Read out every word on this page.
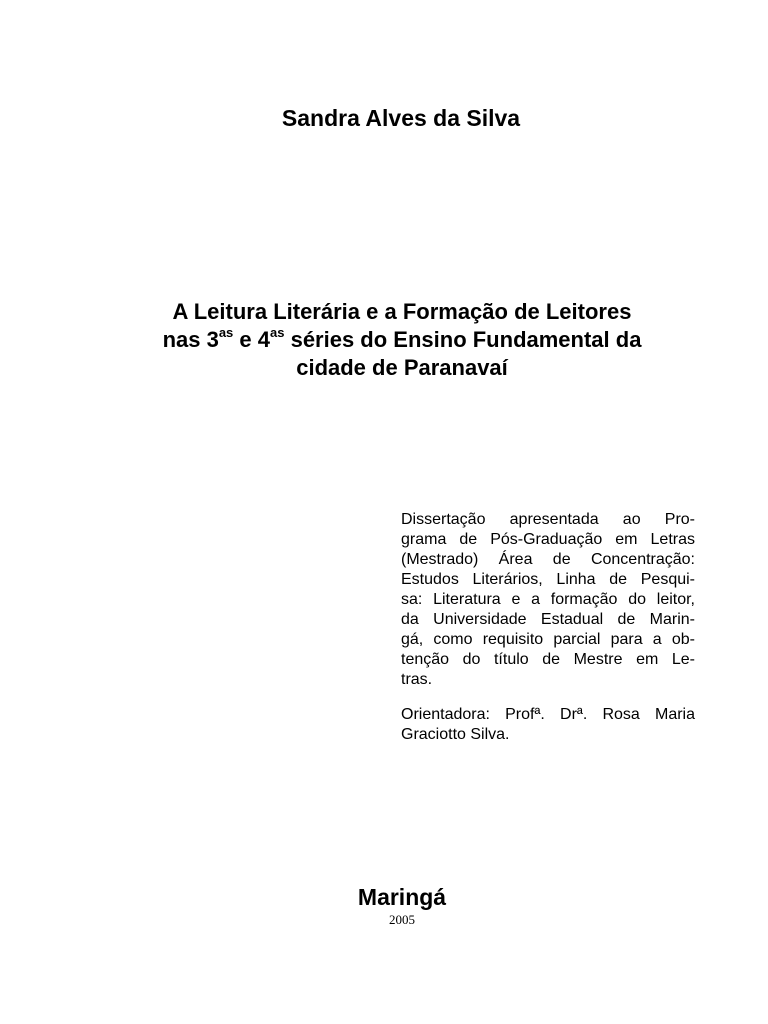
Sandra Alves da Silva
A Leitura Literária e a Formação de Leitores
nas $3^{as}$ e $4^{as}$ séries do Ensino Fundamental da
cidade de Paranavaí
Dissertação apresentada ao Pro-
grama de Pós-Graduação em Letras
(Mestrado) Área de Concentração:
Estudos Literários, Linha de Pesqui-
sa: Literatura e a formação do leitor,
da Universidade Estadual de Marin-
gá, como requisito parcial para a ob-
tenção do título de Mestre em Le-
tras.
Orientadora: Profª. Drª. Rosa Maria
Graciotto Silva.
Maringá
2005
